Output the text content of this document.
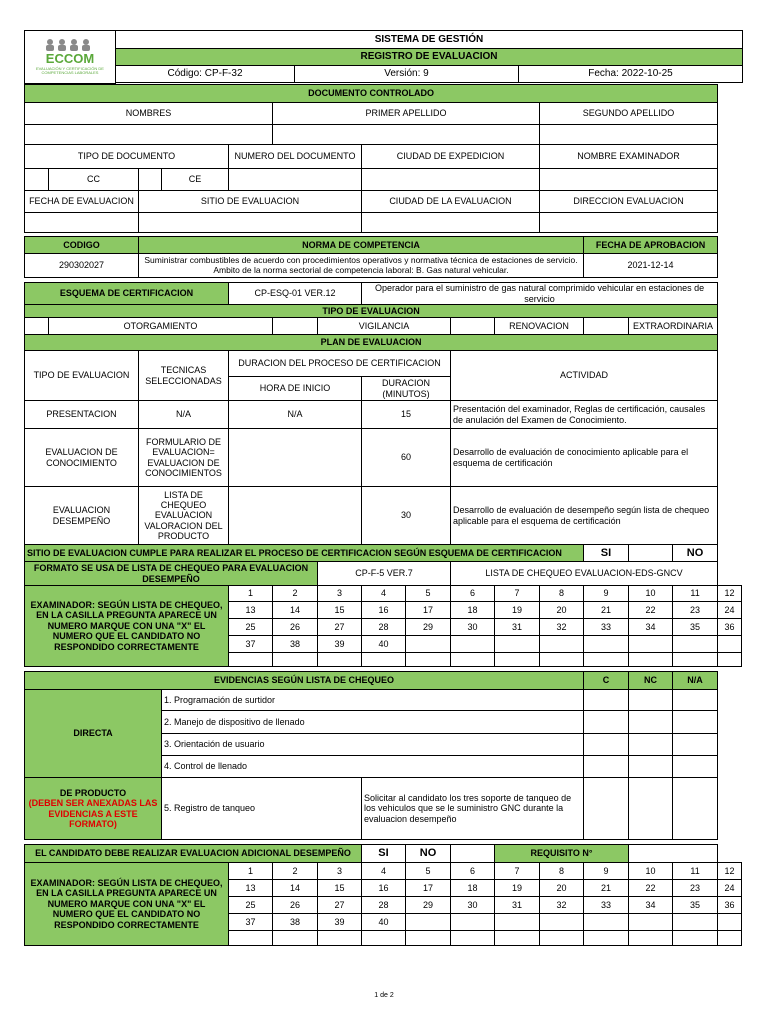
ECCOM
EVALUACIÓN Y CERTIFICACIÓN DE COMPETENCIAS LABORALES	SISTEMA DE GESTIÓN		
	REGISTRO DE EVALUACION		
	Código: CP-F-32	Versión: 9	Fecha: 2022-10-25

DOCUMENTO CONTROLADO															
NOMBRES					PRIMER APELLIDO						SEGUNDO APELLIDO				

TIPO DE DOCUMENTO				NUMERO DEL DOCUMENTO			CIUDAD DE EXPEDICION				NOMBRE EXAMINADOR				
	CC		CE												
FECHA DE EVALUACION		SITIO DE EVALUACION					CIUDAD DE LA EVALUACION				DIRECCION EVALUACION				

CODIGO		NORMA DE COMPETENCIA										FECHA DE APROBACION			
290302027		Suministrar combustibles de acuerdo con procedimientos operativos y normativa técnica de estaciones de servicio.
Ambito de la norma sectorial de competencia laboral: B. Gas natural vehicular.										2021-12-14			

ESQUEMA DE CERTIFICACION				CP-ESQ-01 VER.12			Operador para el suministro de gas natural comprimido vehicular en estaciones de servicio								
TIPO DE EVALUACION															
	OTORGAMIENTO					VIGILANCIA				RENOVACION			EXTRAORDINARIA		
PLAN DE EVALUACION															
TIPO DE EVALUACION		TECNICAS SELECCIONADAS		DURACION DEL PROCESO DE CERTIFICACION					ACTIVIDAD						
				HORA DE INICIO			DURACION (MINUTOS)								
PRESENTACION		N/A		N/A			15		Presentación del examinador, Reglas de certificación, causales de anulación del Examen de Conocimiento.						
EVALUACION DE CONOCIMIENTO		FORMULARIO DE EVALUACION= EVALUACION DE CONOCIMIENTOS					60		Desarrollo de evaluación de conocimiento aplicable para el esquema de certificación						
EVALUACION DESEMPEÑO		LISTA DE CHEQUEO EVALUACION VALORACION DEL PRODUCTO					30		Desarrollo de evaluación de desempeño según lista de chequeo aplicable para el esquema de certificación						
SITIO DE EVALUACION CUMPLE PARA REALIZAR EL PROCESO DE CERTIFICACION SEGÚN ESQUEMA DE CERTIFICACION												SI		NO	
FORMATO SE USA DE LISTA DE CHEQUEO PARA EVALUACION DESEMPEÑO						CP-F-5 VER.7			LISTA DE CHEQUEO EVALUACION-EDS-GNCV						
EXAMINADOR: SEGÚN LISTA DE CHEQUEO, EN LA CASILLA PREGUNTA APARECE UN NUMERO MARQUE CON UNA "X" EL NUMERO QUE EL CANDIDATO NO RESPONDIDO CORRECTAMENTE				1	2	3	4	5	6	7	8	9	10	11	12
				13	14	15	16	17	18	19	20	21	22	23	24
				25	26	27	28	29	30	31	32	33	34	35	36
				37	38	39	40								

EVIDENCIAS SEGÚN LISTA DE CHEQUEO												C	NC	N/A	
DIRECTA			1. Programación de surtidor												
			2. Manejo de dispositivo de llenado												
			3. Orientación de usuario												
			4. Control de llenado												

DE PRODUCTO
(DEBEN SER ANEXADAS LAS EVIDENCIAS A ESTE FORMATO)			5. Registro de tanqueo				Solicitar al candidato los tres soporte de tanqueo de los vehiculos que se le suministro GNC durante la evaluacion desempeño								

EL CANDIDATO DEBE REALIZAR EVALUACION ADICIONAL DESEMPEÑO							SI	NO		REQUISITO N°					
EXAMINADOR: SEGÚN LISTA DE CHEQUEO, EN LA CASILLA PREGUNTA APARECE UN NUMERO MARQUE CON UNA "X" EL NUMERO QUE EL CANDIDATO NO RESPONDIDO CORRECTAMENTE				1	2	3	4	5	6	7	8	9	10	11	12
				13	14	15	16	17	18	19	20	21	22	23	24
				25	26	27	28	29	30	31	32	33	34	35	36
				37	38	39	40								

1 de 2
